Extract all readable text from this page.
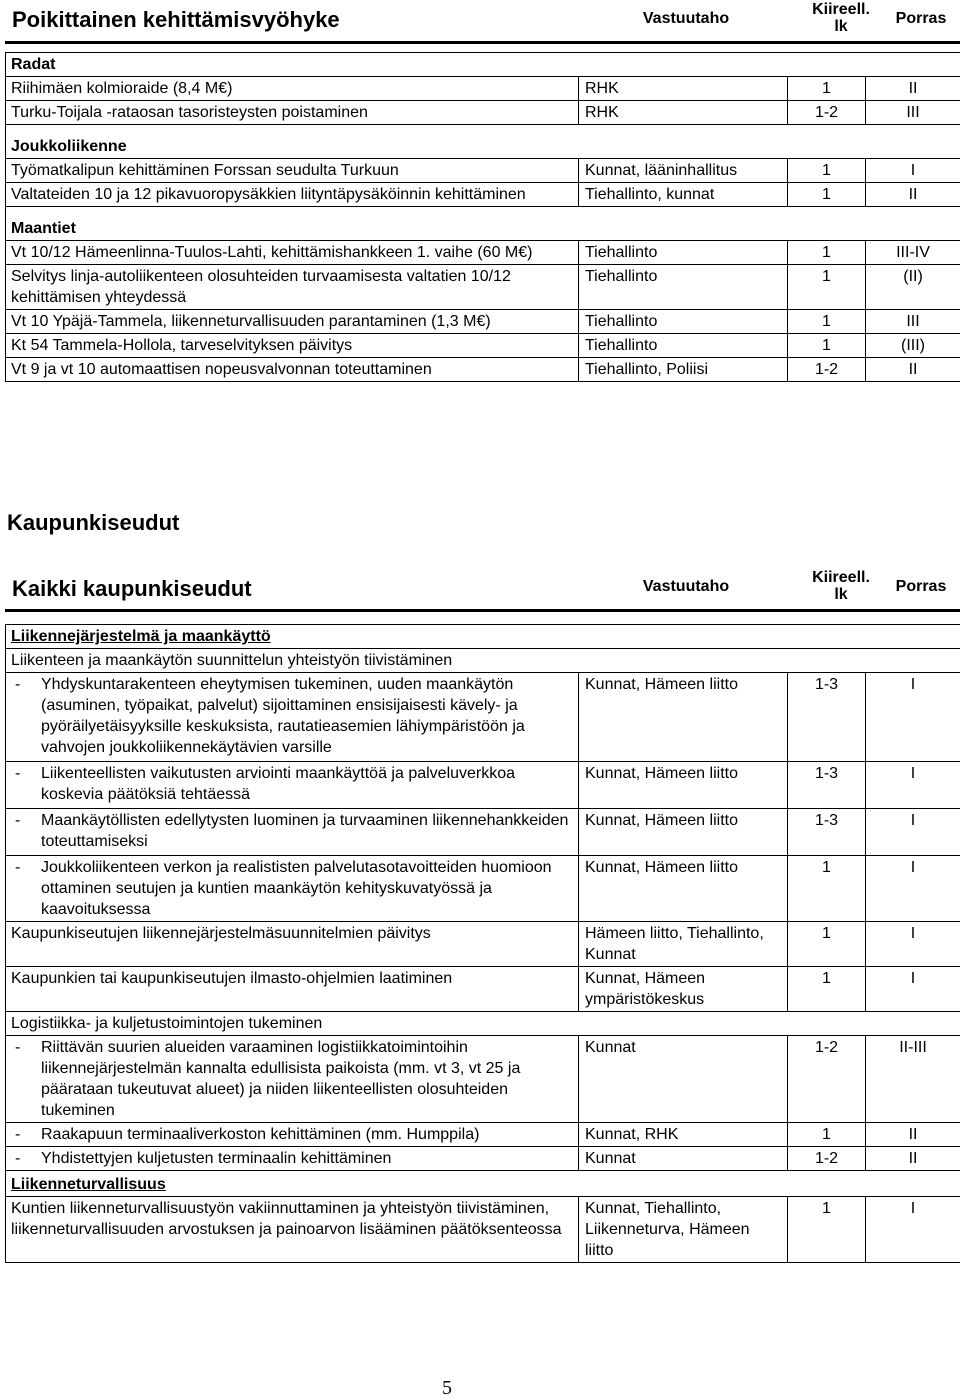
Poikittainen kehittämisvyöhyke	Vastuutaho
Kiireell. lk	Porras
Radat			
Riihimäen kolmioraide (8,4 M€)	RHK	1	II
Turku-Toijala -rataosan tasoristeysten poistaminen	RHK	1-2	III
Joukkoliikenne			
Työmatkalipun kehittäminen Forssan seudulta Turkuun	Kunnat, lääninhallitus	1	I
Valtateiden 10 ja 12 pikavuoropysäkkien liityntäpysäköinnin kehittäminen	Tiehallinto, kunnat	1	II
Maantiet			
Vt 10/12 Hämeenlinna-Tuulos-Lahti, kehittämishankkeen 1. vaihe (60 M€)	Tiehallinto	1	III-IV
Selvitys linja-autoliikenteen olosuhteiden turvaamisesta valtatien 10/12 kehittämisen yhteydessä	Tiehallinto	1	(II)
Vt 10 Ypäjä-Tammela, liikenneturvallisuuden parantaminen (1,3 M€)	Tiehallinto	1	III
Kt 54 Tammela-Hollola, tarveselvityksen päivitys	Tiehallinto	1	(III)
Vt 9 ja vt 10 automaattisen nopeusvalvonnan toteuttaminen	Tiehallinto, Poliisi	1-2	II
Kaupunkiseudut
Kaikki kaupunkiseudut	Vastuutaho
Kiireell. lk	Porras
Liikennejärjestelmä ja maankäyttö			
Liikenteen ja maankäytön suunnittelun yhteistyön tiivistäminen			

- Yhdyskuntarakenteen eheytymisen tukeminen, uuden maankäytön (asuminen, työpaikat, palvelut) sijoittaminen ensisijaisesti kävely- ja pyöräilyetäisyyksille keskuksista, rautatieasemien lähiympäristöön ja vahvojen joukkoliikennekäytävien varsille	Kunnat, Hämeen liitto	1-3	I

- Liikenteellisten vaikutusten arviointi maankäyttöä ja palveluverkkoa koskevia päätöksiä tehtäessä	Kunnat, Hämeen liitto	1-3	I

- Maankäytöllisten edellytysten luominen ja turvaaminen liikennehankkeiden toteuttamiseksi	Kunnat, Hämeen liitto	1-3	I

- Joukkoliikenteen verkon ja realististen palvelutasotavoitteiden huomioon ottaminen seutujen ja kuntien maankäytön kehityskuvatyössä ja kaavoituksessa	Kunnat, Hämeen liitto	1	I
Kaupunkiseutujen liikennejärjestelmäsuunnitelmien päivitys	Hämeen liitto, Tiehallinto, Kunnat	1	I
Kaupunkien tai kaupunkiseutujen ilmasto-ohjelmien laatiminen	Kunnat, Hämeen ympäristökeskus	1	I
Logistiikka- ja kuljetustoimintojen tukeminen			

- Riittävän suurien alueiden varaaminen logistiikkatoimintoihin liikennejärjestelmän kannalta edullisista paikoista (mm. vt 3, vt 25 ja päärataan tukeutuvat alueet) ja niiden liikenteellisten olosuhteiden tukeminen	Kunnat	1-2	II-III

- Raakapuun terminaaliverkoston kehittäminen (mm. Humppila)	Kunnat, RHK	1	II

- Yhdistettyjen kuljetusten terminaalin kehittäminen	Kunnat	1-2	II
Liikenneturvallisuus			
Kuntien liikenneturvallisuustyön vakiinnuttaminen ja yhteistyön tiivistäminen, liikenneturvallisuuden arvostuksen ja painoarvon lisääminen päätöksenteossa	Kunnat, Tiehallinto, Liikenneturva, Hämeen liitto	1	I
5
